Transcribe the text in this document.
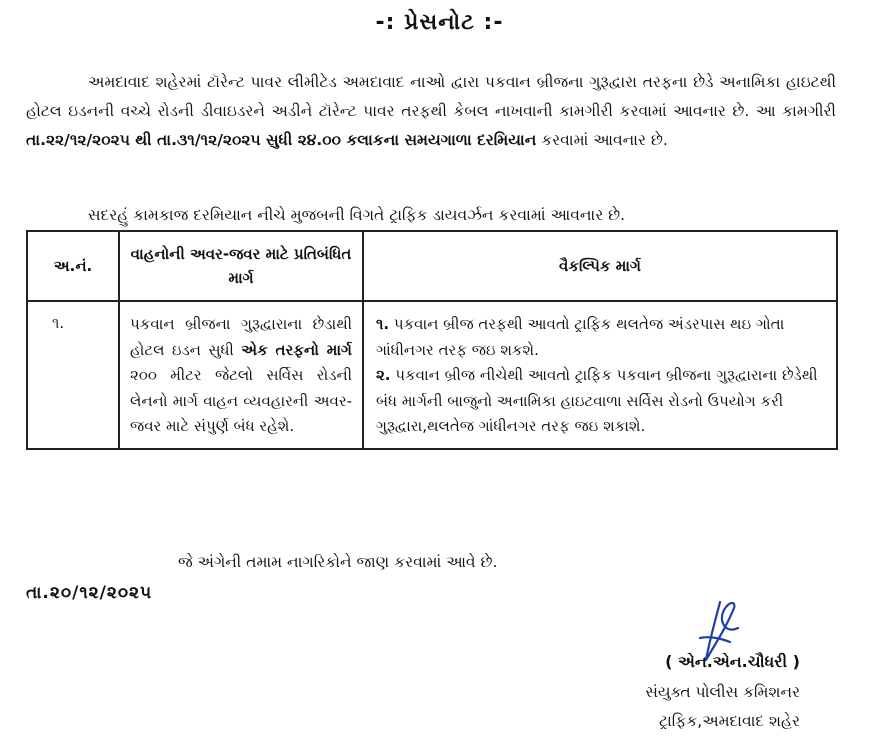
-: પ્રેસનોટ :-
અમદાવાદ શહેરમાં ટૉરેન્ટ પાવર લીમીટેડ અમદાવાદ નાઓ દ્વારા પકવાન બ્રીજના ગુરૂદ્વારા તરફના છેડે અનામિકા હાઇટથી હોટલ ઇડનની વચ્ચે રોડની ડીવાઇડરને અડીને ટૉરેન્ટ પાવર તરફથી કેબલ નાખવાની કામગીરી કરવામાં આવનાર છે. આ કામગીરી તા.૨૨/૧૨/૨૦૨૫ થી તા.૩૧/૧૨/૨૦૨૫ સુધી ૨૪.૦૦ કલાકના સમયગાળા દરમિયાન કરવામાં આવનાર છે.
સદરહું કામકાજ દરમિયાન નીચે મુજબની વિગતે ટ્રાફિક ડાયવર્ઝન કરવામાં આવનાર છે.
અ.નં.	વાહનોની અવર-જવર માટે પ્રતિબંધિત માર્ગ	વૈકલ્પિક માર્ગ
૧.	પકવાન બ્રીજના ગુરૂદ્વારાના છેડાથી હોટલ ઇડન સુધી એક તરફનો માર્ગ ૨૦૦ મીટર જેટલો સર્વિસ રોડની લેનનો માર્ગ વાહન વ્યવહારની અવર-જવર માટે સંપુર્ણ બંધ રહેશે.	૧. પકવાન બ્રીજ તરફથી આવતો ટ્રાફિક થલતેજ અંડરપાસ થઇ ગોતા ગાંધીનગર તરફ જઇ શકશે.

૨. પકવાન બ્રીજ નીચેથી આવતો ટ્રાફિક પકવાન બ્રીજના ગુરૂદ્વારાના છેડેથી બંધ માર્ગની બાજુનો અનામિકા હાઇટવાળા સર્વિસ રોડનો ઉપયોગ કરી ગુરૂદ્વારા,થલતેજ ગાંધીનગર તરફ જઇ શકાશે.

જે અંગેની તમામ નાગરિકોને જાણ કરવામાં આવે છે.
તા.૨૦/૧૨/૨૦૨૫
( એન.એન.ચૌધરી )
સંયુક્ત પોલીસ કમિશનર
ટ્રાફિક,અમદાવાદ શહેર
